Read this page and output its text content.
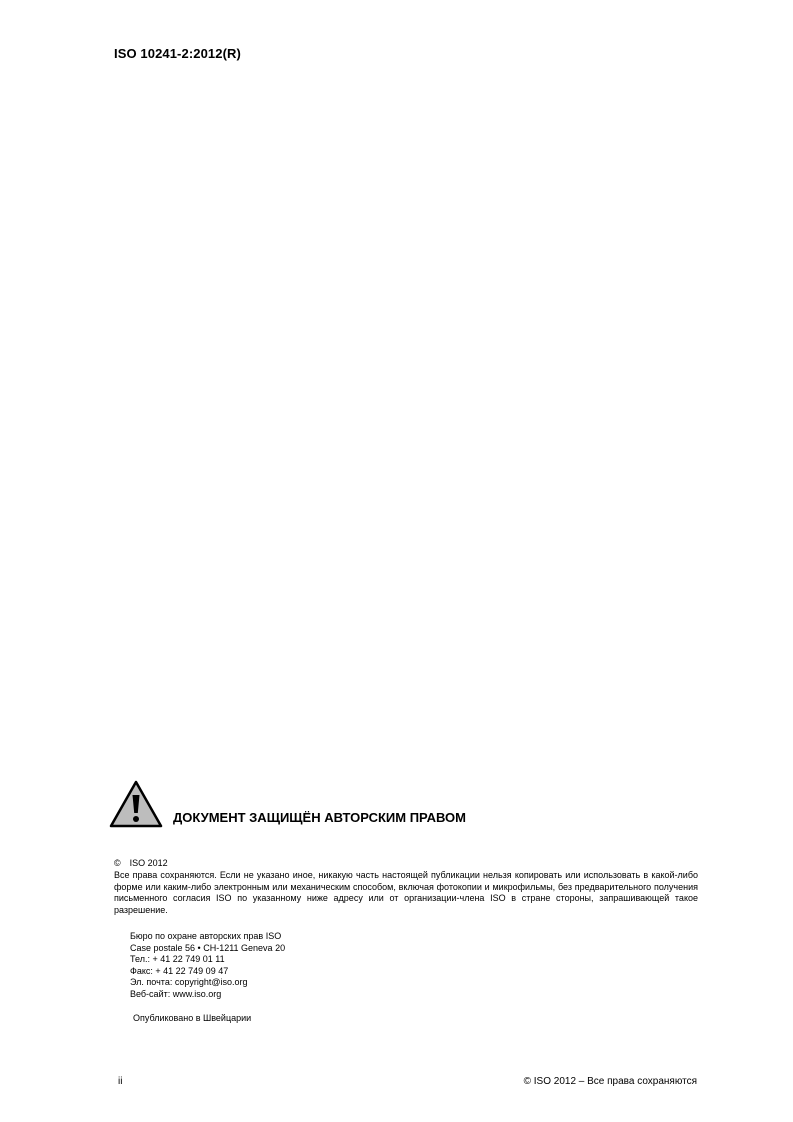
ISO 10241-2:2012(R)
ДОКУМЕНТ ЗАЩИЩЁН АВТОРСКИМ ПРАВОМ
© ISO 2012
Все права сохраняются. Если не указано иное, никакую часть настоящей публикации нельзя копировать или использовать в какой-либо форме или каким-либо электронным или механическим способом, включая фотокопии и микрофильмы, без предварительного получения письменного согласия ISO по указанному ниже адресу или от организации-члена ISO в стране стороны, запрашивающей такое разрешение.
Бюро по охране авторских прав ISO
Case postale 56 • CH-1211 Geneva 20
Тел.: + 41 22 749 01 11
Факс: + 41 22 749 09 47
Эл. почта: copyright@iso.org
Веб-сайт: www.iso.org
Опубликовано в Швейцарии
ii	© ISO 2012 – Все права сохраняются
